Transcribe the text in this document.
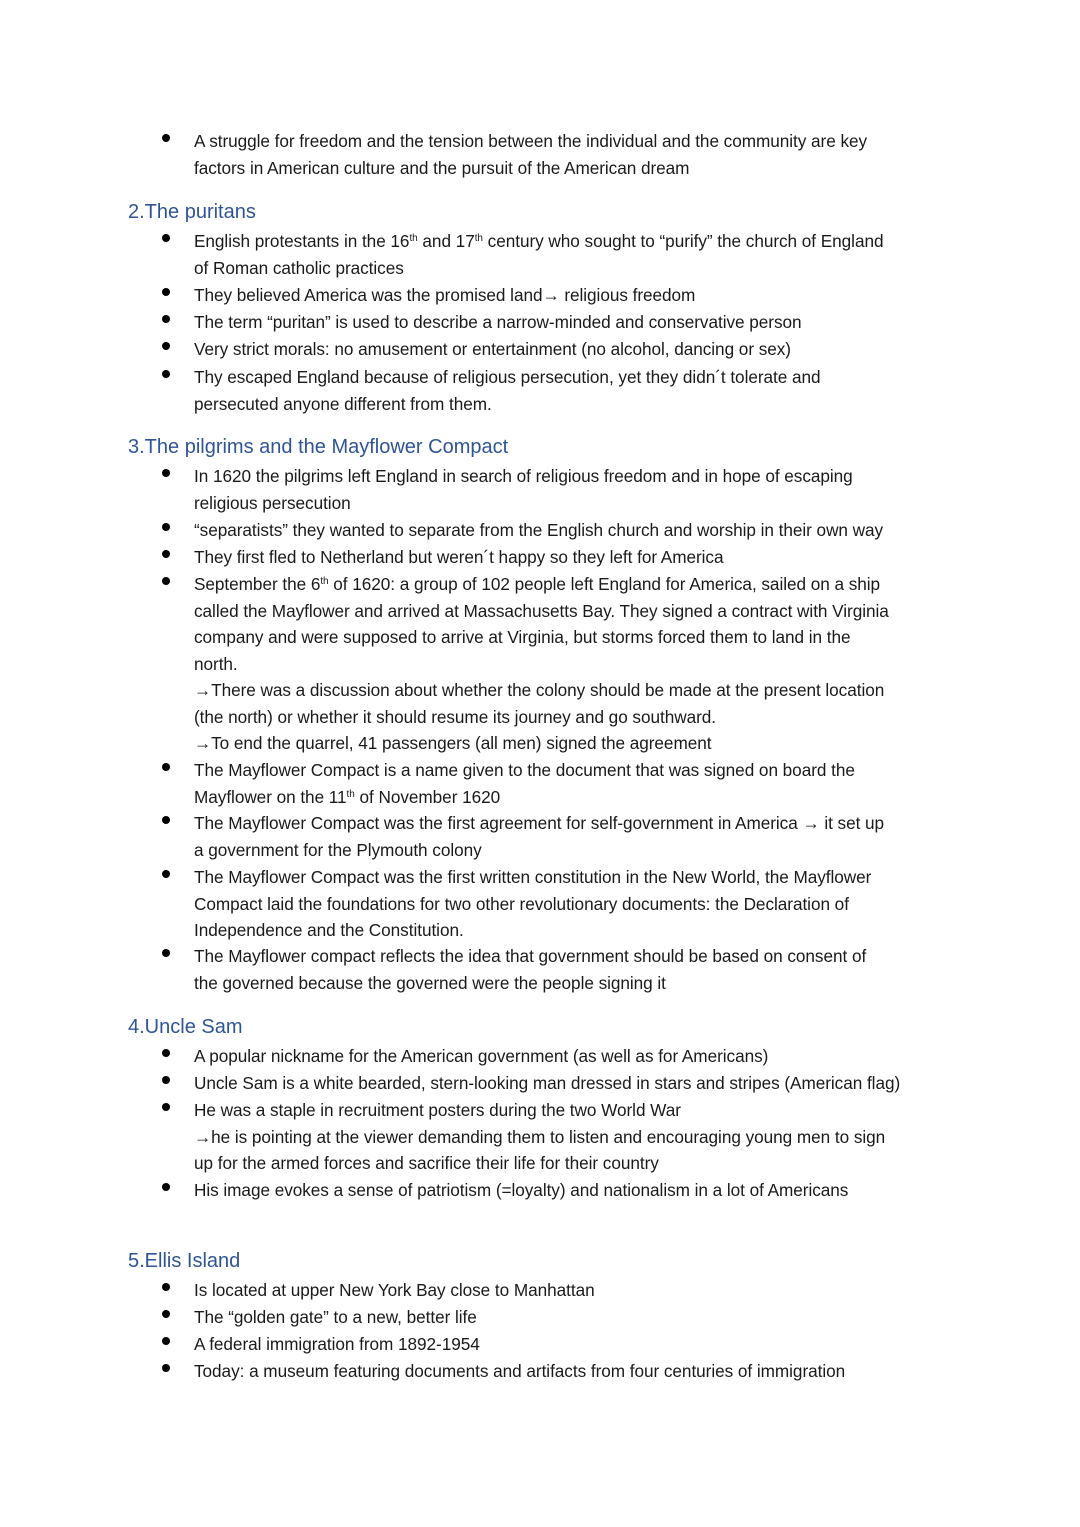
A struggle for freedom and the tension between the individual and the community are key
factors in American culture and the pursuit of the American dream
2.The puritans
English protestants in the 16th and 17th century who sought to “purify” the church of England
of Roman catholic practices
They believed America was the promised land→ religious freedom
The term “puritan” is used to describe a narrow-minded and conservative person
Very strict morals: no amusement or entertainment (no alcohol, dancing or sex)
Thy escaped England because of religious persecution, yet they didn´t tolerate and
persecuted anyone different from them.
3.The pilgrims and the Mayflower Compact
In 1620 the pilgrims left England in search of religious freedom and in hope of escaping
religious persecution
“separatists” they wanted to separate from the English church and worship in their own way
They first fled to Netherland but weren´t happy so they left for America
September the 6th of 1620: a group of 102 people left England for America, sailed on a ship
called the Mayflower and arrived at Massachusetts Bay. They signed a contract with Virginia
company and were supposed to arrive at Virginia, but storms forced them to land in the
north.
→There was a discussion about whether the colony should be made at the present location
(the north) or whether it should resume its journey and go southward.
→To end the quarrel, 41 passengers (all men) signed the agreement
The Mayflower Compact is a name given to the document that was signed on board the
Mayflower on the 11th of November 1620
The Mayflower Compact was the first agreement for self-government in America → it set up
a government for the Plymouth colony
The Mayflower Compact was the first written constitution in the New World, the Mayflower
Compact laid the foundations for two other revolutionary documents: the Declaration of
Independence and the Constitution.
The Mayflower compact reflects the idea that government should be based on consent of
the governed because the governed were the people signing it
4.Uncle Sam
A popular nickname for the American government (as well as for Americans)
Uncle Sam is a white bearded, stern-looking man dressed in stars and stripes (American flag)
He was a staple in recruitment posters during the two World War
→he is pointing at the viewer demanding them to listen and encouraging young men to sign
up for the armed forces and sacrifice their life for their country
His image evokes a sense of patriotism (=loyalty) and nationalism in a lot of Americans
5.Ellis Island
Is located at upper New York Bay close to Manhattan
The “golden gate” to a new, better life
A federal immigration from 1892-1954
Today: a museum featuring documents and artifacts from four centuries of immigration
